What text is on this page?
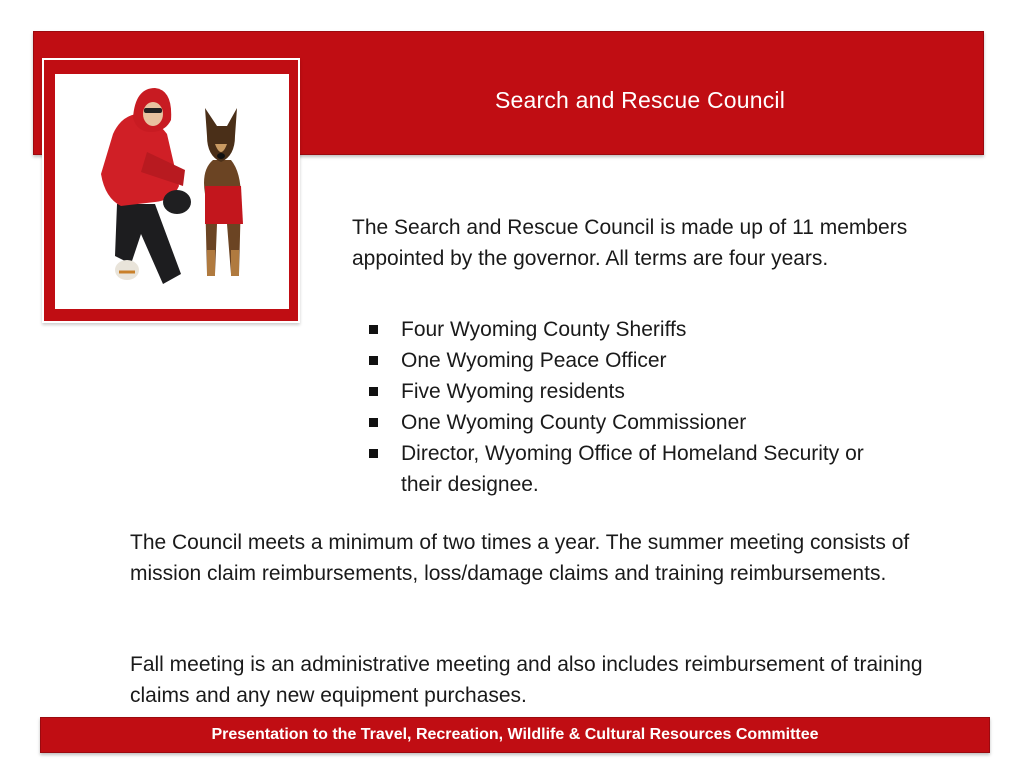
Search and Rescue Council
The Search and Rescue Council is made up of 11 members appointed by the governor. All terms are four years.
Four Wyoming County Sheriffs
One Wyoming Peace Officer
Five Wyoming residents
One Wyoming County Commissioner
Director, Wyoming Office of Homeland Security or their designee.
The Council meets a minimum of two times a year. The summer meeting consists of mission claim reimbursements, loss/damage claims and training reimbursements.
Fall meeting is an administrative meeting and also includes reimbursement of training claims and any new equipment purchases.
Presentation to the Travel, Recreation, Wildlife & Cultural Resources Committee
